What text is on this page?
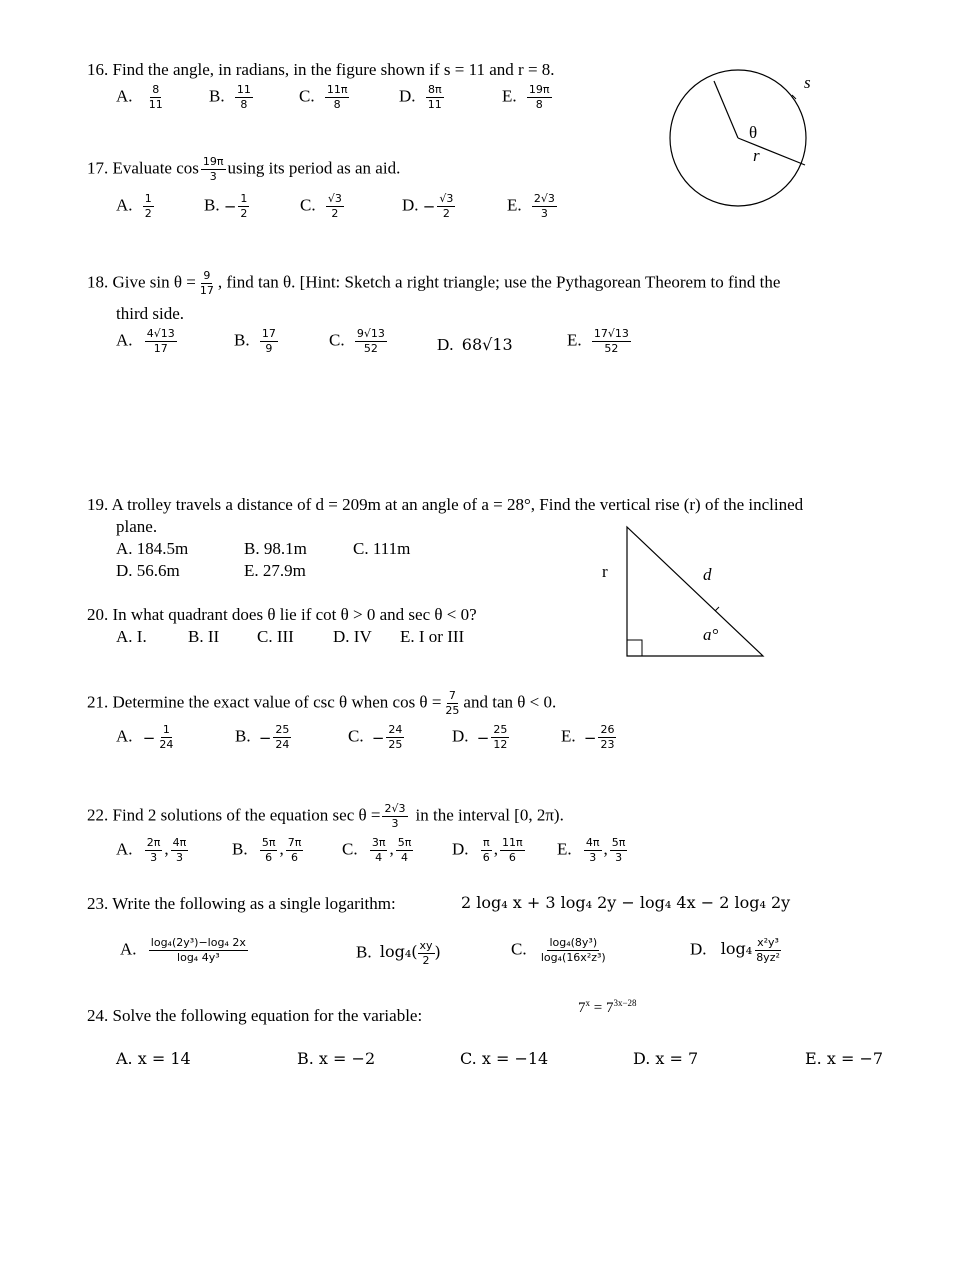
16. Find the angle, in radians, in the figure shown if s = 11 and r = 8.
A. $\frac{8}{11}$	B. $\frac{11}{8}$	C. $\frac{11\pi}{8}$	D. $\frac{8\pi}{11}$	E. $\frac{19\pi}{8}$
s
θ
r
17. Evaluate $\cos \frac{19\pi}{3}$ using its period as an aid.
A. $\frac{1}{2}$	B. − $\frac{1}{2}$	C. $\frac{√3}{2}$	D. − $\frac{√3}{2}$	E. $\frac{2√3}{3}$
18. Give $\sin \theta = \frac{9}{17}$ , find tan θ. [Hint: Sketch a right triangle; use the Pythagorean Theorem to find the
third side.
A. $\frac{4√13}{17}$	B. $\frac{17}{9}$	C. $\frac{9√13}{52}$	D. 68√13	E. $\frac{17√13}{52}$
19. A trolley travels a distance of d = 209m at an angle of a = 28°, Find the vertical rise (r) of the inclined
plane.
A. 184.5m	B. 98.1m	C. 111m
D. 56.6m	E. 27.9m	r	d
a°
20. In what quadrant does θ lie if cot θ > 0 and sec θ < 0?
A. I. B. II C. III D. IV E. I or III
21. Determine the exact value of csc θ when $\cos \theta = \frac{7}{25}$ and tan θ < 0.
A. − $\frac{1}{24}$	B. − $\frac{25}{24}$	C. − $\frac{24}{25}$	D. − $\frac{25}{12}$	E. − $\frac{26}{23}$
22. Find 2 solutions of the equation $\sec \theta = \frac{2√3}{3}$ in the interval [0, 2π).
A. $\frac{2\pi}{3}$ , $\frac{4\pi}{3}$	B. $\frac{5\pi}{6}$ , $\frac{7\pi}{6} C$. $\frac{3\pi}{4}$ , $\frac{5\pi}{4} D$. $\frac{\pi}{6}$ , $\frac{11\pi}{6} E$. $\frac{4\pi}{3}$ , $\frac{5\pi}{3}$
23. Write the following as a single logarithm:	2 log₄ x + 3 log₄ 2y − log₄ 4x − 2 log₄ 2y
A. $\frac{\text{log₄(2y³)−log₄ 2x}}{\text{log₄ 4y³}}$	B. $\log_4( \frac{xy}{2}$ )	C. $\frac{\text{log₄(8y³)}}{\text{log₄(16x²z³)}}$	D. $\log_4 \frac{\text{x²y³}}{\text{8yz²}}$
24. Solve the following equation for the variable:	$7^x = 7^{3x-28}$
A. x = 14	B. x = −2	C. x = −14	D. x = 7	E. x = −7
